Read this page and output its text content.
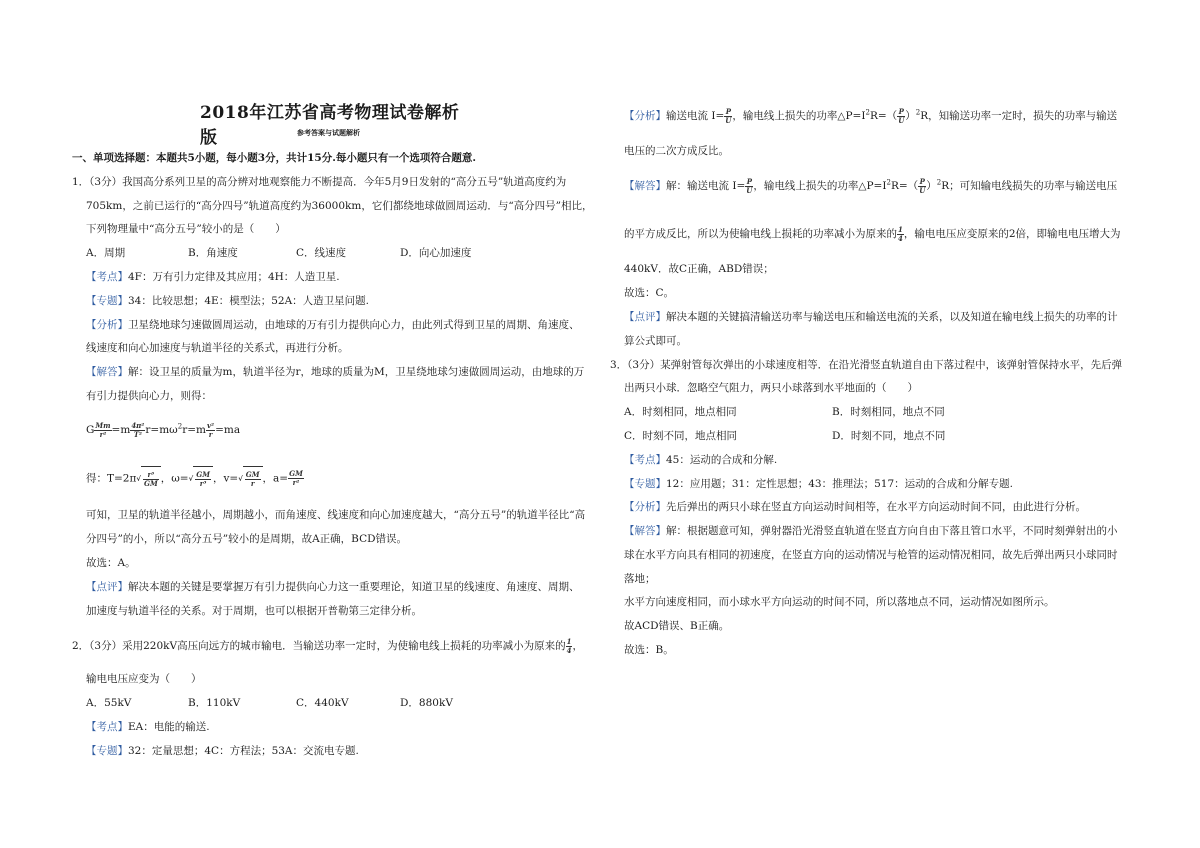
2018年江苏省高考物理试卷解析版	参考答案与试题解析
一、单项选择题：本题共5小题，每小题3分，共计15分.每小题只有一个选项符合题意.
1．（3分）我国高分系列卫星的高分辨对地观察能力不断提高．今年5月9日发射的“高分五号”轨道高度约为
705km，之前已运行的“高分四号”轨道高度约为36000km，它们都绕地球做圆周运动．与“高分四号”相比，
下列物理量中“高分五号”较小的是（　　）
A．周期	B．角速度	C．线速度	D．向心加速度
【考点】4F：万有引力定律及其应用；4H：人造卫星.
【专题】34：比较思想；4E：模型法；52A：人造卫星问题.
【分析】卫星绕地球匀速做圆周运动，由地球的万有引力提供向心力，由此列式得到卫星的周期、角速度、
线速度和向心加速度与轨道半径的关系式，再进行分析。
【解答】解：设卫星的质量为m，轨道半径为r，地球的质量为M，卫星绕地球匀速做圆周运动，由地球的万
有引力提供向心力，则得：
G $\frac{Mm}{\text{r²}} =m \frac{\text{4π²}}{\text{T²}} r=m\omega^2r=m \frac{\text{v²}}{r} =ma$
得：$T=2\pi√ \frac{\text{r³}}{GM}$ ，$\omega=√ \frac{GM}{\text{r³}}$ ，$v=√ \frac{GM}{r}$ ，$a= \frac{GM}{\text{r²}}$
可知，卫星的轨道半径越小，周期越小，而角速度、线速度和向心加速度越大，“高分五号”的轨道半径比“高
分四号”的小，所以“高分五号”较小的是周期，故A正确，BCD错误。
故选：A。
【点评】解决本题的关键是要掌握万有引力提供向心力这一重要理论，知道卫星的线速度、角速度、周期、
加速度与轨道半径的关系。对于周期，也可以根据开普勒第三定律分析。
2．（3分）采用220kV高压向远方的城市输电．当输送功率一定时，为使输电线上损耗的功率减小为原来的 $\frac{1}{4}$ ，
输电电压应变为（　　）
A．55kV	B．110kV	C．440kV	D．880kV
【考点】EA：电能的输送.
【专题】32：定量思想；4C：方程法；53A：交流电专题.
【分析】输送电流 $I= \frac{P}{U}$ ，输电线上损失的功率$\triangle P=I^2R=( \frac{P}{U} )^2R$，知输送功率一定时，损失的功率与输送
电压的二次方成反比。
【解答】解：输送电流 $I= \frac{P}{U}$ ，输电线上损失的功率$\triangle P=I^2R=( \frac{P}{U} )^2R$；可知输电线损失的功率与输送电压
的平方成反比，所以为使输电线上损耗的功率减小为原来的 $\frac{1}{4}$ ，输电电压应变原来的2倍，即输电电压增大为
440kV．故C正确，ABD错误；
故选：C。
【点评】解决本题的关键搞清输送功率与输送电压和输送电流的关系，以及知道在输电线上损失的功率的计
算公式即可。
3．（3分）某弹射管每次弹出的小球速度相等．在沿光滑竖直轨道自由下落过程中，该弹射管保持水平，先后弹
出两只小球．忽略空气阻力，两只小球落到水平地面的（　　）
A．时刻相同，地点相同	B．时刻相同，地点不同
C．时刻不同，地点相同	D．时刻不同，地点不同
【考点】45：运动的合成和分解.
【专题】12：应用题；31：定性思想；43：推理法；517：运动的合成和分解专题.
【分析】先后弹出的两只小球在竖直方向运动时间相等，在水平方向运动时间不同，由此进行分析。
【解答】解：根据题意可知，弹射器沿光滑竖直轨道在竖直方向自由下落且管口水平，不同时刻弹射出的小
球在水平方向具有相同的初速度，在竖直方向的运动情况与枪管的运动情况相同，故先后弹出两只小球同时
落地；
水平方向速度相同，而小球水平方向运动的时间不同，所以落地点不同，运动情况如图所示。
故ACD错误、B正确。
故选：B。
